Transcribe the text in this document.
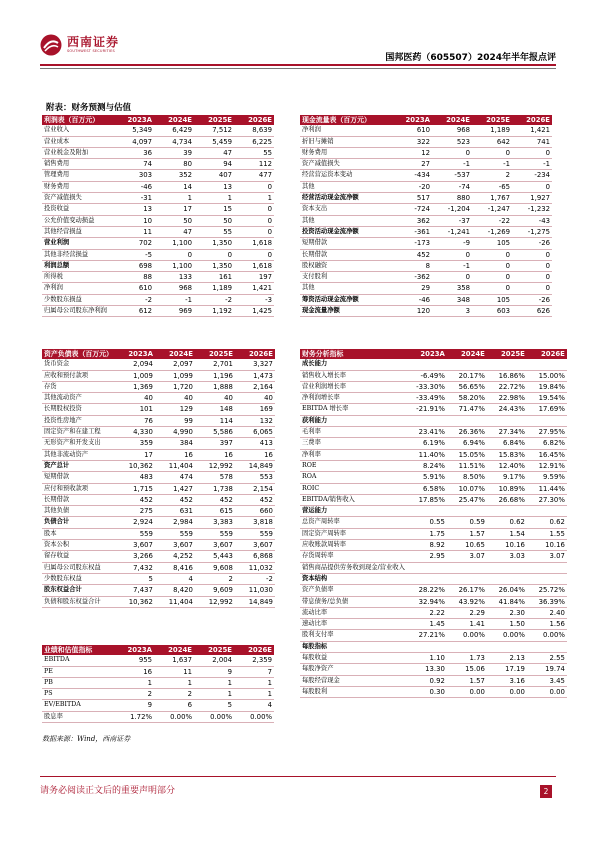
西南证券
SOUTHWEST SECURITIES
国邦医药（605507）2024年半年报点评
附表：财务预测与估值
利润表（百万元）	2023A	2024E	2025E	2026E
营业收入	5,349	6,429	7,512	8,639
营业成本	4,097	4,734	5,459	6,225
营业税金及附加	36	39	47	55
销售费用	74	80	94	112
管理费用	303	352	407	477
财务费用	-46	14	13	0
资产减值损失	-31	1	1	1
投资收益	13	17	15	0
公允价值变动损益	10	50	50	0
其他经营损益	11	47	55	0
营业利润	702	1,100	1,350	1,618
其他非经营损益	-5	0	0	0
利润总额	698	1,100	1,350	1,618
所得税	88	133	161	197
净利润	610	968	1,189	1,421
少数股东损益	-2	-1	-2	-3
归属母公司股东净利润	612	969	1,192	1,425
现金流量表（百万元）	2023A	2024E	2025E	2026E
净利润	610	968	1,189	1,421
折旧与摊销	322	523	642	741
财务费用	12	0	0	0
资产减值损失	27	-1	-1	-1
经营营运资本变动	-434	-537	2	-234
其他	-20	-74	-65	0
经营活动现金流净额	517	880	1,767	1,927
资本支出	-724	-1,204	-1,247	-1,232
其他	362	-37	-22	-43
投资活动现金流净额	-361	-1,241	-1,269	-1,275
短期借款	-173	-9	105	-26
长期借款	452	0	0	0
股权融资	8	-1	0	0
支付股利	-362	0	0	0
其他	29	358	0	0
筹资活动现金流净额	-46	348	105	-26
现金流量净额	120	3	603	626
资产负债表（百万元）	2023A	2024E	2025E	2026E
货币资金	2,094	2,097	2,701	3,327
应收和预付款项	1,009	1,099	1,196	1,473
存货	1,369	1,720	1,888	2,164
其他流动资产	40	40	40	40
长期股权投资	101	129	148	169
投资性房地产	76	99	114	132
固定资产和在建工程	4,330	4,990	5,586	6,065
无形资产和开发支出	359	384	397	413
其他非流动资产	17	16	16	16
资产总计	10,362	11,404	12,992	14,849
短期借款	483	474	578	553
应付和预收款项	1,715	1,427	1,738	2,154
长期借款	452	452	452	452
其他负债	275	631	615	660
负债合计	2,924	2,984	3,383	3,818
股本	559	559	559	559
资本公积	3,607	3,607	3,607	3,607
留存收益	3,266	4,252	5,443	6,868
归属母公司股东权益	7,432	8,416	9,608	11,032
少数股东权益	5	4	2	-2
股东权益合计	7,437	8,420	9,609	11,030
负债和股东权益合计	10,362	11,404	12,992	14,849
财务分析指标	2023A	2024E	2025E	2026E
成长能力				
销售收入增长率	-6.49%	20.17%	16.86%	15.00%
营业利润增长率	-33.30%	56.65%	22.72%	19.84%
净利润增长率	-33.49%	58.20%	22.98%	19.54%
EBITDA 增长率	-21.91%	71.47%	24.43%	17.69%
获利能力				
毛利率	23.41%	26.36%	27.34%	27.95%
三费率	6.19%	6.94%	6.84%	6.82%
净利率	11.40%	15.05%	15.83%	16.45%
ROE	8.24%	11.51%	12.40%	12.91%
ROA	5.91%	8.50%	9.17%	9.59%
ROIC	6.58%	10.07%	10.89%	11.44%
EBITDA/销售收入	17.85%	25.47%	26.68%	27.30%
营运能力				
总资产周转率	0.55	0.59	0.62	0.62
固定资产周转率	1.75	1.57	1.54	1.55
应收账款周转率	8.92	10.65	10.16	10.16
存货周转率	2.95	3.07	3.03	3.07
销售商品提供劳务收到现金/营业收入				
资本结构				
资产负债率	28.22%	26.17%	26.04%	25.72%
带息债务/总负债	32.94%	43.92%	41.84%	36.39%
流动比率	2.22	2.29	2.30	2.40
速动比率	1.45	1.41	1.50	1.56
股利支付率	27.21%	0.00%	0.00%	0.00%
每股指标				
每股收益	1.10	1.73	2.13	2.55
每股净资产	13.30	15.06	17.19	19.74
每股经营现金	0.92	1.57	3.16	3.45
每股股利	0.30	0.00	0.00	0.00
业绩和估值指标	2023A	2024E	2025E	2026E
EBITDA	955	1,637	2,004	2,359
PE	16	11	9	7
PB	1	1	1	1
PS	2	2	1	1
EV/EBITDA	9	6	5	4
股息率	1.72%	0.00%	0.00%	0.00%
数据来源：Wind，西南证券
请务必阅读正文后的重要声明部分	2
